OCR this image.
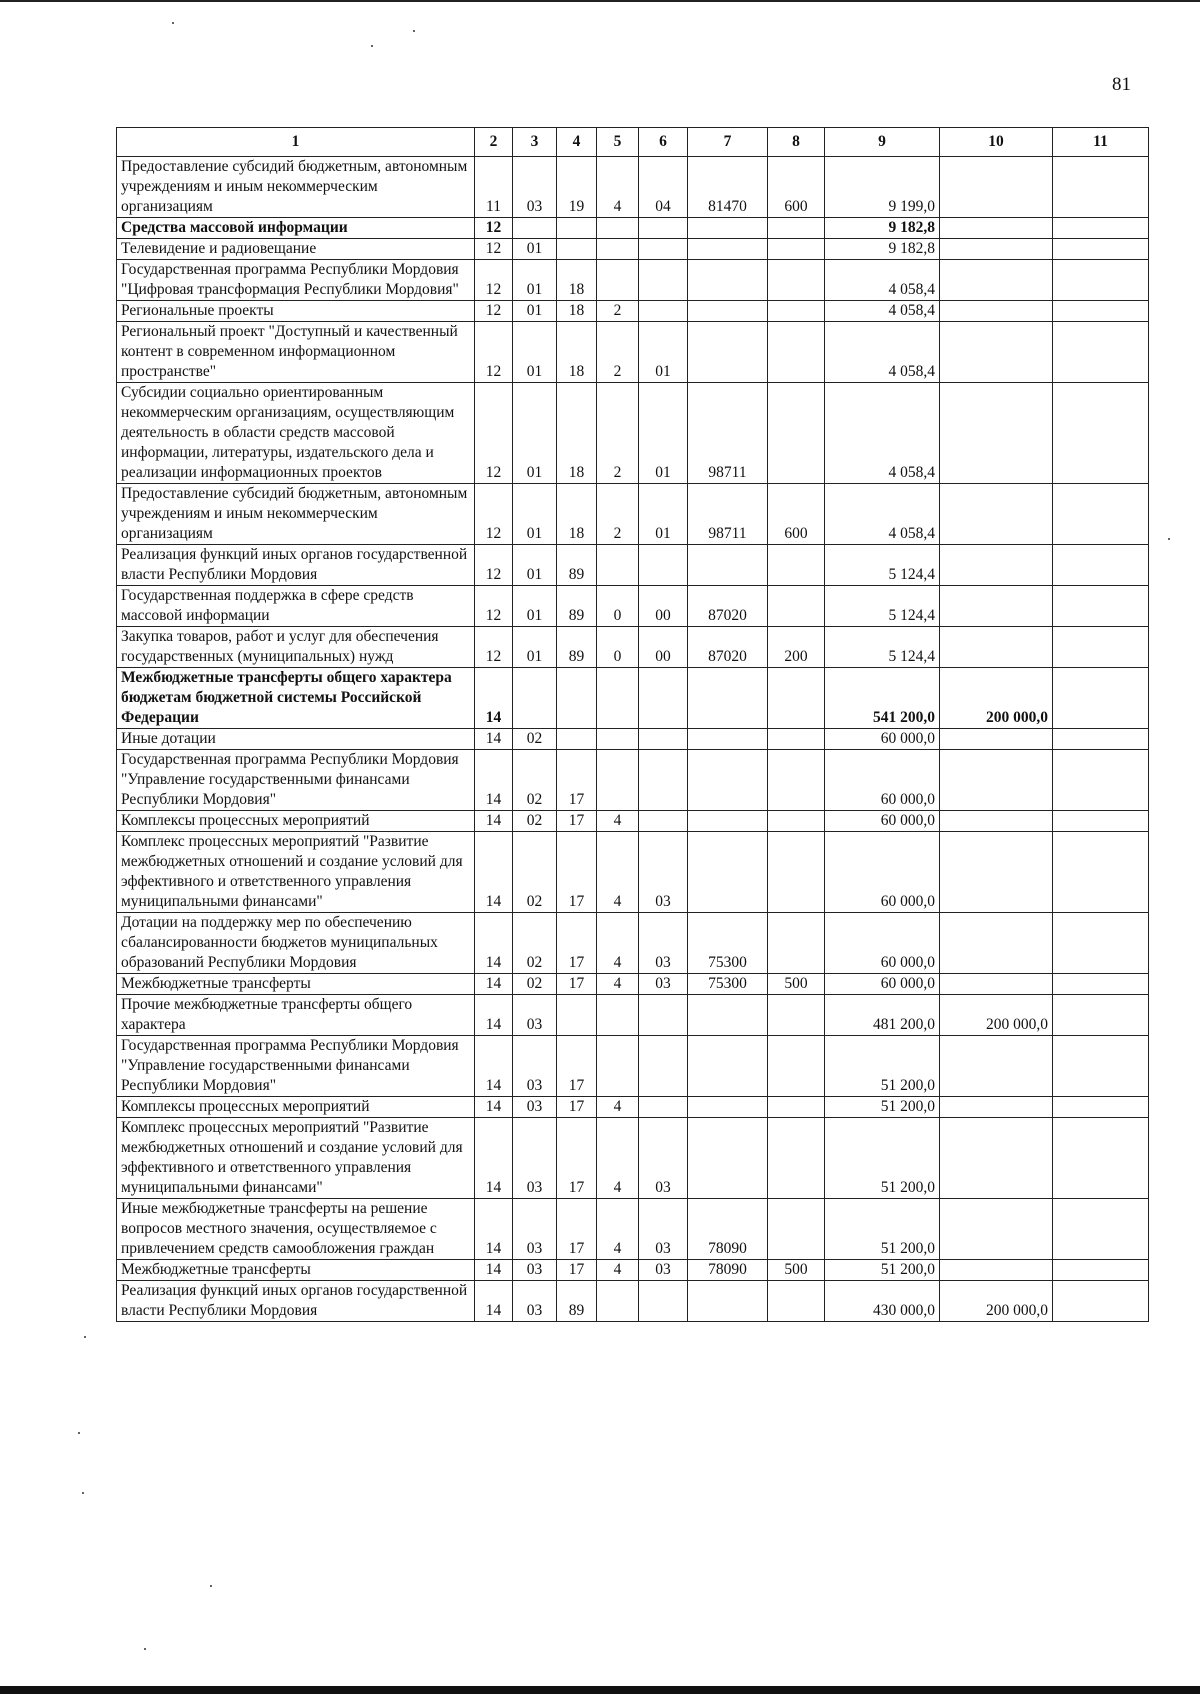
81
1	2	3	4	5	6	7	8	9	10	11
Предоставление субсидий бюджетным, автономным учреждениям и иным некоммерческим организациям	11	03	19	4	04	81470	600	9 199,0		
Средства массовой информации	12							9 182,8		
Телевидение и радиовещание	12	01						9 182,8		
Государственная программа Республики Мордовия "Цифровая трансформация Республики Мордовия"	12	01	18					4 058,4		
Региональные проекты	12	01	18	2				4 058,4		
Региональный проект "Доступный и качественный контент в современном информационном пространстве"	12	01	18	2	01			4 058,4		
Субсидии социально ориентированным некоммерческим организациям, осуществляющим деятельность в области средств массовой информации, литературы, издательского дела и реализации информационных проектов	12	01	18	2	01	98711		4 058,4		
Предоставление субсидий бюджетным, автономным учреждениям и иным некоммерческим организациям	12	01	18	2	01	98711	600	4 058,4		
Реализация функций иных органов государственной власти Республики Мордовия	12	01	89					5 124,4		
Государственная поддержка в сфере средств массовой информации	12	01	89	0	00	87020		5 124,4		
Закупка товаров, работ и услуг для обеспечения государственных (муниципальных) нужд	12	01	89	0	00	87020	200	5 124,4		
Межбюджетные трансферты общего характера бюджетам бюджетной системы Российской Федерации	14							541 200,0	200 000,0	
Иные дотации	14	02						60 000,0		
Государственная программа Республики Мордовия "Управление государственными финансами Республики Мордовия"	14	02	17					60 000,0		
Комплексы процессных мероприятий	14	02	17	4				60 000,0		
Комплекс процессных мероприятий "Развитие межбюджетных отношений и создание условий для эффективного и ответственного управления муниципальными финансами"	14	02	17	4	03			60 000,0		
Дотации на поддержку мер по обеспечению сбалансированности бюджетов муниципальных образований Республики Мордовия	14	02	17	4	03	75300		60 000,0		
Межбюджетные трансферты	14	02	17	4	03	75300	500	60 000,0		
Прочие межбюджетные трансферты общего характера	14	03						481 200,0	200 000,0	
Государственная программа Республики Мордовия "Управление государственными финансами Республики Мордовия"	14	03	17					51 200,0		
Комплексы процессных мероприятий	14	03	17	4				51 200,0		
Комплекс процессных мероприятий "Развитие межбюджетных отношений и создание условий для эффективного и ответственного управления муниципальными финансами"	14	03	17	4	03			51 200,0		
Иные межбюджетные трансферты на решение вопросов местного значения, осуществляемое с привлечением средств самообложения граждан	14	03	17	4	03	78090		51 200,0		
Межбюджетные трансферты	14	03	17	4	03	78090	500	51 200,0		
Реализация функций иных органов государственной власти Республики Мордовия	14	03	89					430 000,0	200 000,0	
